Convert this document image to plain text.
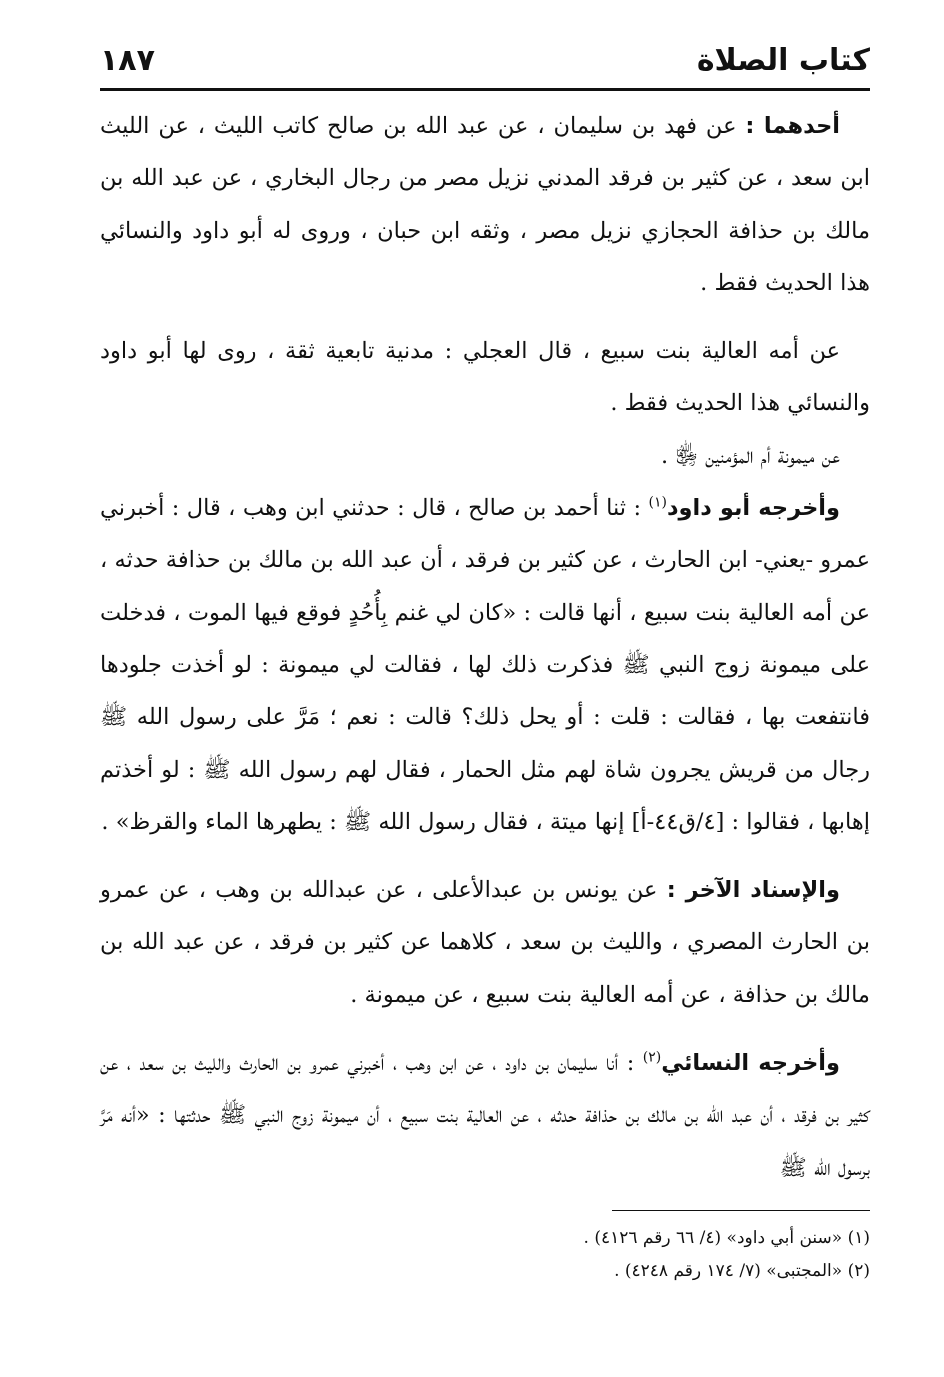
كتاب الصلاة
١٨٧

أحدهما : عن فهد بن سليمان ، عن عبد الله بن صالح كاتب الليث ، عن الليث ابن سعد ، عن كثير بن فرقد المدني نزيل مصر من رجال البخاري ، عن عبد الله بن مالك بن حذافة الحجازي نزيل مصر ، وثقه ابن حبان ، وروى له أبو داود والنسائي هذا الحديث فقط .

عن أمه العالية بنت سبيع ، قال العجلي : مدنية تابعية ثقة ، روى لها أبو داود والنسائي هذا الحديث فقط .

عن ميمونة أم المؤمنين ﵂ .

وأخرجه أبو داود$^{(١)}$ : ثنا أحمد بن صالح ، قال : حدثني ابن وهب ، قال : أخبرني عمرو -يعني- ابن الحارث ، عن كثير بن فرقد ، أن عبد الله بن مالك بن حذافة حدثه ، عن أمه العالية بنت سبيع ، أنها قالت : «كان لي غنم بِأُحُدٍ فوقع فيها الموت ، فدخلت على ميمونة زوج النبي ﷺ فذكرت ذلك لها ، فقالت لي ميمونة : لو أخذت جلودها فانتفعت بها ، فقالت : قلت : أو يحل ذلك؟ قالت : نعم ؛ مَرَّ على رسول الله ﷺ رجال من قريش يجرون شاة لهم مثل الحمار ، فقال لهم رسول الله ﷺ : لو أخذتم إهابها ، فقالوا : [٤/ق٤٤-أ] إنها ميتة ، فقال رسول الله ﷺ : يطهرها الماء والقرظ» .

والإسناد الآخر : عن يونس بن عبدالأعلى ، عن عبدالله بن وهب ، عن عمرو بن الحارث المصري ، والليث بن سعد ، كلاهما عن كثير بن فرقد ، عن عبد الله بن مالك بن حذافة ، عن أمه العالية بنت سبيع ، عن ميمونة .

وأخرجه النسائي$^{(٢)}$ : أنا سليمان بن داود ، عن ابن وهب ، أخبرني عمرو بن الحارث والليث بن سعد ، عن كثير بن فرقد ، أن عبد الله بن مالك بن حذافة حدثه ، عن العالية بنت سبيع ، أن ميمونة زوج النبي ﷺ حدثتها : «أنه مَرَّ برسول الله ﷺ

(١) «سنن أبي داود» (٤/ ٦٦ رقم ٤١٢٦) .

(٢) «المجتبى» (٧/ ١٧٤ رقم ٤٢٤٨) .
